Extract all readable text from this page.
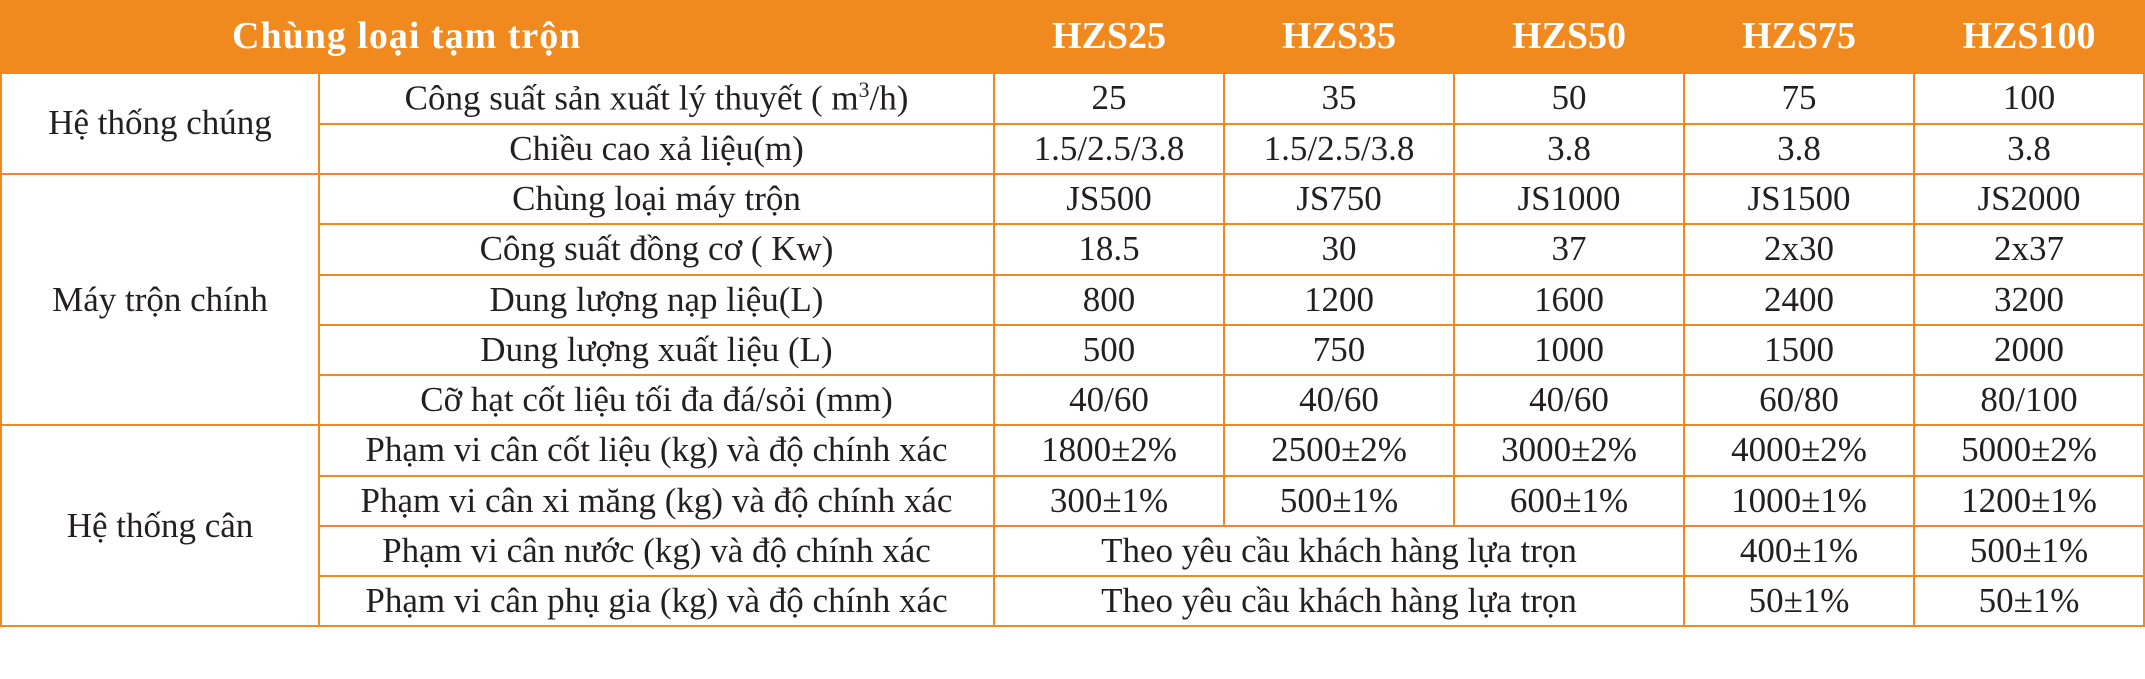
Chùng loại tạm trộn		HZS25	HZS35	HZS50	HZS75	HZS100
Hệ thống chúng	Công suất sản xuất lý thuyết ( $m^3/h$)	25	35	50	75	100
	Chiều cao xả liệu(m)	1.5/2.5/3.8	1.5/2.5/3.8	3.8	3.8	3.8
Máy trộn chính	Chùng loại máy trộn	JS500	JS750	JS1000	JS1500	JS2000
	Công suất đồng cơ ( Kw)	18.5	30	37	2x30	2x37
	Dung lượng nạp liệu(L)	800	1200	1600	2400	3200
	Dung lượng xuất liệu (L)	500	750	1000	1500	2000
	Cỡ hạt cốt liệu tối đa đá/sỏi (mm)	40/60	40/60	40/60	60/80	80/100
Hệ thống cân	Phạm vi cân cốt liệu (kg) và độ chính xác	1800±2%	2500±2%	3000±2%	4000±2%	5000±2%
	Phạm vi cân xi măng (kg) và độ chính xác	300±1%	500±1%	600±1%	1000±1%	1200±1%
	Phạm vi cân nước (kg) và độ chính xác	Theo yêu cầu khách hàng lựa trọn			400±1%	500±1%
	Phạm vi cân phụ gia (kg) và độ chính xác	Theo yêu cầu khách hàng lựa trọn			50±1%	50±1%
